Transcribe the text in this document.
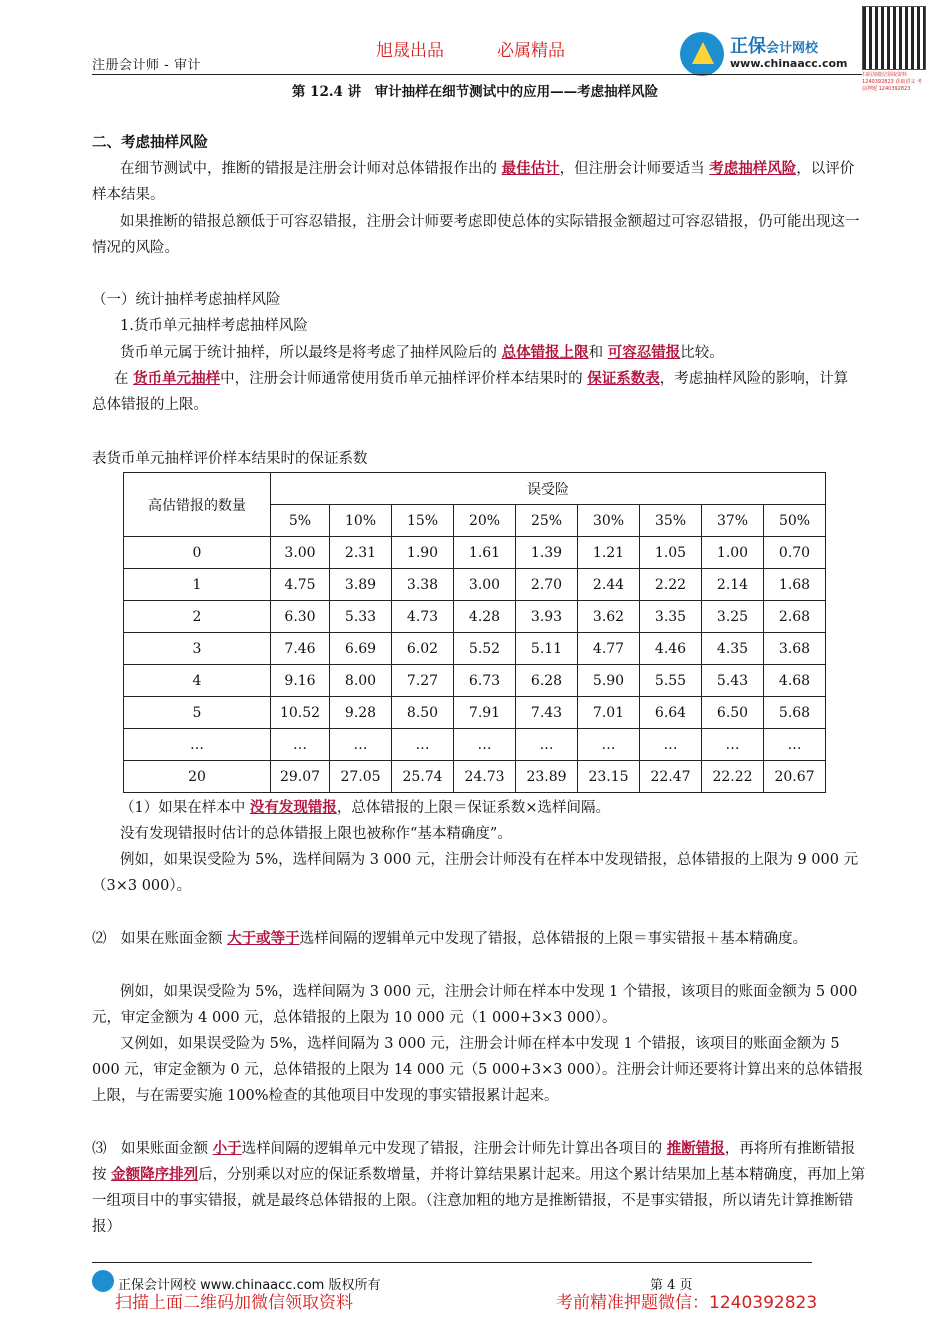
注册会计师 - 审计
旭晟出品	必属精品	正保会计网校
www.chinaacc.com
扫码加微信领取资料 1240392823 获取讲义 考前押题 1240392823
第 12.4 讲　审计抽样在细节测试中的应用——考虑抽样风险

二、考虑抽样风险

在细节测试中，推断的错报是注册会计师对总体错报作出的 最佳估计，但注册会计师要适当 考虑抽样风险，以评价样本结果。

如果推断的错报总额低于可容忍错报，注册会计师要考虑即使总体的实际错报金额超过可容忍错报，仍可能出现这一情况的风险。

（一）统计抽样考虑抽样风险

1.货币单元抽样考虑抽样风险

货币单元属于统计抽样，所以最终是将考虑了抽样风险后的 总体错报上限和 可容忍错报比较。

在 货币单元抽样中，注册会计师通常使用货币单元抽样评价样本结果时的 保证系数表，考虑抽样风险的影响，计算总体错报的上限。

表货币单元抽样评价样本结果时的保证系数
高估错报的数量	误受险								
	5%	10%	15%	20%	25%	30%	35%	37%	50%
0	3.00	2.31	1.90	1.61	1.39	1.21	1.05	1.00	0.70
1	4.75	3.89	3.38	3.00	2.70	2.44	2.22	2.14	1.68
2	6.30	5.33	4.73	4.28	3.93	3.62	3.35	3.25	2.68
3	7.46	6.69	6.02	5.52	5.11	4.77	4.46	4.35	3.68
4	9.16	8.00	7.27	6.73	6.28	5.90	5.55	5.43	4.68
5	10.52	9.28	8.50	7.91	7.43	7.01	6.64	6.50	5.68
…	…	…	…	…	…	…	…	…	…
20	29.07	27.05	25.74	24.73	23.89	23.15	22.47	22.22	20.67

（1）如果在样本中 没有发现错报，总体错报的上限＝保证系数×选样间隔。

没有发现错报时估计的总体错报上限也被称作“基本精确度”。

例如，如果误受险为 5%，选样间隔为 3 000 元，注册会计师没有在样本中发现错报，总体错报的上限为 9 000 元（3×3 000）。

⑵　如果在账面金额 大于或等于选样间隔的逻辑单元中发现了错报，总体错报的上限＝事实错报＋基本精确度。

例如，如果误受险为 5%，选样间隔为 3 000 元，注册会计师在样本中发现 1 个错报，该项目的账面金额为 5 000 元，审定金额为 4 000 元，总体错报的上限为 10 000 元（1 000+3×3 000）。

又例如，如果误受险为 5%，选样间隔为 3 000 元，注册会计师在样本中发现 1 个错报，该项目的账面金额为 5 000 元，审定金额为 0 元，总体错报的上限为 14 000 元（5 000+3×3 000）。注册会计师还要将计算出来的总体错报上限，与在需要实施 100%检查的其他项目中发现的事实错报累计起来。

⑶　如果账面金额 小于选样间隔的逻辑单元中发现了错报，注册会计师先计算出各项目的 推断错报，再将所有推断错报按 金额降序排列后，分别乘以对应的保证系数增量，并将计算结果累计起来。用这个累计结果加上基本精确度，再加上第一组项目中的事实错报，就是最终总体错报的上限。（注意加粗的地方是推断错报，不是事实错报，所以请先计算推断错报）

正保会计网校 www.chinaacc.com 版权所有	第 4 页
扫描上面二维码加微信领取资料	考前精准押题微信：1240392823
